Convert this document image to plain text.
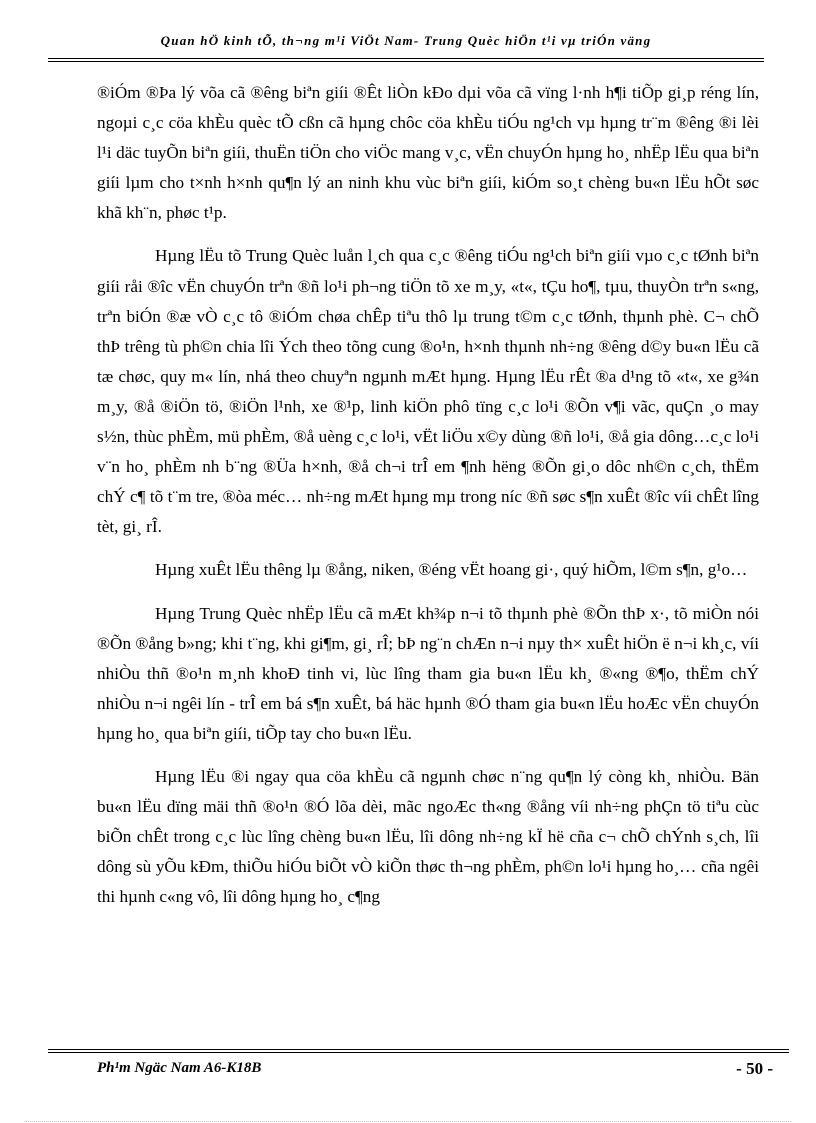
Quan hÖ kinh tÕ, th¬ng m¹i ViÖt Nam- Trung Quèc hiÖn t¹i vµ triÓn väng

®iÓm ®Þa lý võa cã ®êng biªn giíi ®Êt liÒn kÐo dµi võa cã vïng l·nh h¶i tiÕp gi¸p réng lín, ngoµi c¸c cöa khÈu quèc tÕ cßn cã hµng chôc cöa khÈu tiÓu ng¹ch vµ hµng tr¨m ®êng ®i lèi l¹i däc tuyÕn biªn giíi, thuËn tiÖn cho viÖc mang v¸c, vËn chuyÓn hµng ho¸ nhËp lËu qua biªn giíi lµm cho t×nh h×nh qu¶n lý an ninh khu vùc biªn giíi, kiÓm so¸t chèng bu«n lËu hÕt søc khã kh¨n, phøc t¹p.

Hµng lËu tõ Trung Quèc luån l¸ch qua c¸c ®êng tiÓu ng¹ch biªn giíi vµo c¸c tØnh biªn giíi råi ®îc vËn chuyÓn trªn ®ñ lo¹i ph¬ng tiÖn tõ xe m¸y, «t«, tÇu ho¶, tµu, thuyÒn trªn s«ng, trªn biÓn ®æ vÒ c¸c tô ®iÓm chøa chÊp tiªu thô lµ trung t©m c¸c tØnh, thµnh phè. C¬ chÕ thÞ trêng tù ph©n chia lîi Ých theo tõng cung ®o¹n, h×nh thµnh nh÷ng ®êng d©y bu«n lËu cã tæ chøc, quy m« lín, nhá theo chuyªn ngµnh mÆt hµng. Hµng lËu rÊt ®a d¹ng tõ «t«, xe g¾n m¸y, ®å ®iÖn tö, ®iÖn l¹nh, xe ®¹p, linh kiÖn phô tïng c¸c lo¹i ®Õn v¶i vãc, quÇn ¸o may s½n, thùc phÈm, mü phÈm, ®å uèng c¸c lo¹i, vËt liÖu x©y dùng ®ñ lo¹i, ®å gia dông…c¸c lo¹i v¨n ho¸ phÈm nh b¨ng ®Üa h×nh, ®å ch¬i trÎ em ¶nh hëng ®Õn gi¸o dôc nh©n c¸ch, thËm chÝ c¶ tõ t¨m tre, ®òa méc… nh÷ng mÆt hµng mµ trong níc ®ñ søc s¶n xuÊt ®îc víi chÊt lîng tèt, gi¸ rÎ.

Hµng xuÊt lËu thêng lµ ®ång, niken, ®éng vËt hoang gi·, quý hiÕm, l©m s¶n, g¹o…

Hµng Trung Quèc nhËp lËu cã mÆt kh¾p n¬i tõ thµnh phè ®Õn thÞ x·, tõ miÒn nói ®Õn ®ång b»ng; khi t¨ng, khi gi¶m, gi¸ rÎ; bÞ ng¨n chÆn n¬i nµy th× xuÊt hiÖn ë n¬i kh¸c, víi nhiÒu thñ ®o¹n m¸nh khoÐ tinh vi, lùc lîng tham gia bu«n lËu kh¸ ®«ng ®¶o, thËm chÝ nhiÒu n¬i ngêi lín - trÎ em bá s¶n xuÊt, bá häc hµnh ®Ó tham gia bu«n lËu hoÆc vËn chuyÓn hµng ho¸ qua biªn giíi, tiÕp tay cho bu«n lËu.

Hµng lËu ®i ngay qua cöa khÈu cã ngµnh chøc n¨ng qu¶n lý còng kh¸ nhiÒu. Bän bu«n lËu dïng mäi thñ ®o¹n ®Ó lõa dèi, mãc ngoÆc th«ng ®ång víi nh÷ng phÇn tö tiªu cùc biÕn chÊt trong c¸c lùc lîng chèng bu«n lËu, lîi dông nh÷ng kÏ hë cña c¬ chÕ chÝnh s¸ch, lîi dông sù yÕu kÐm, thiÕu hiÓu biÕt vÒ kiÕn thøc th¬ng phÈm, ph©n lo¹i hµng ho¸… cña ngêi thi hµnh c«ng vô, lîi dông hµng ho¸ c¶ng

Ph¹m Ngäc Nam A6-K18B	- 50 -
